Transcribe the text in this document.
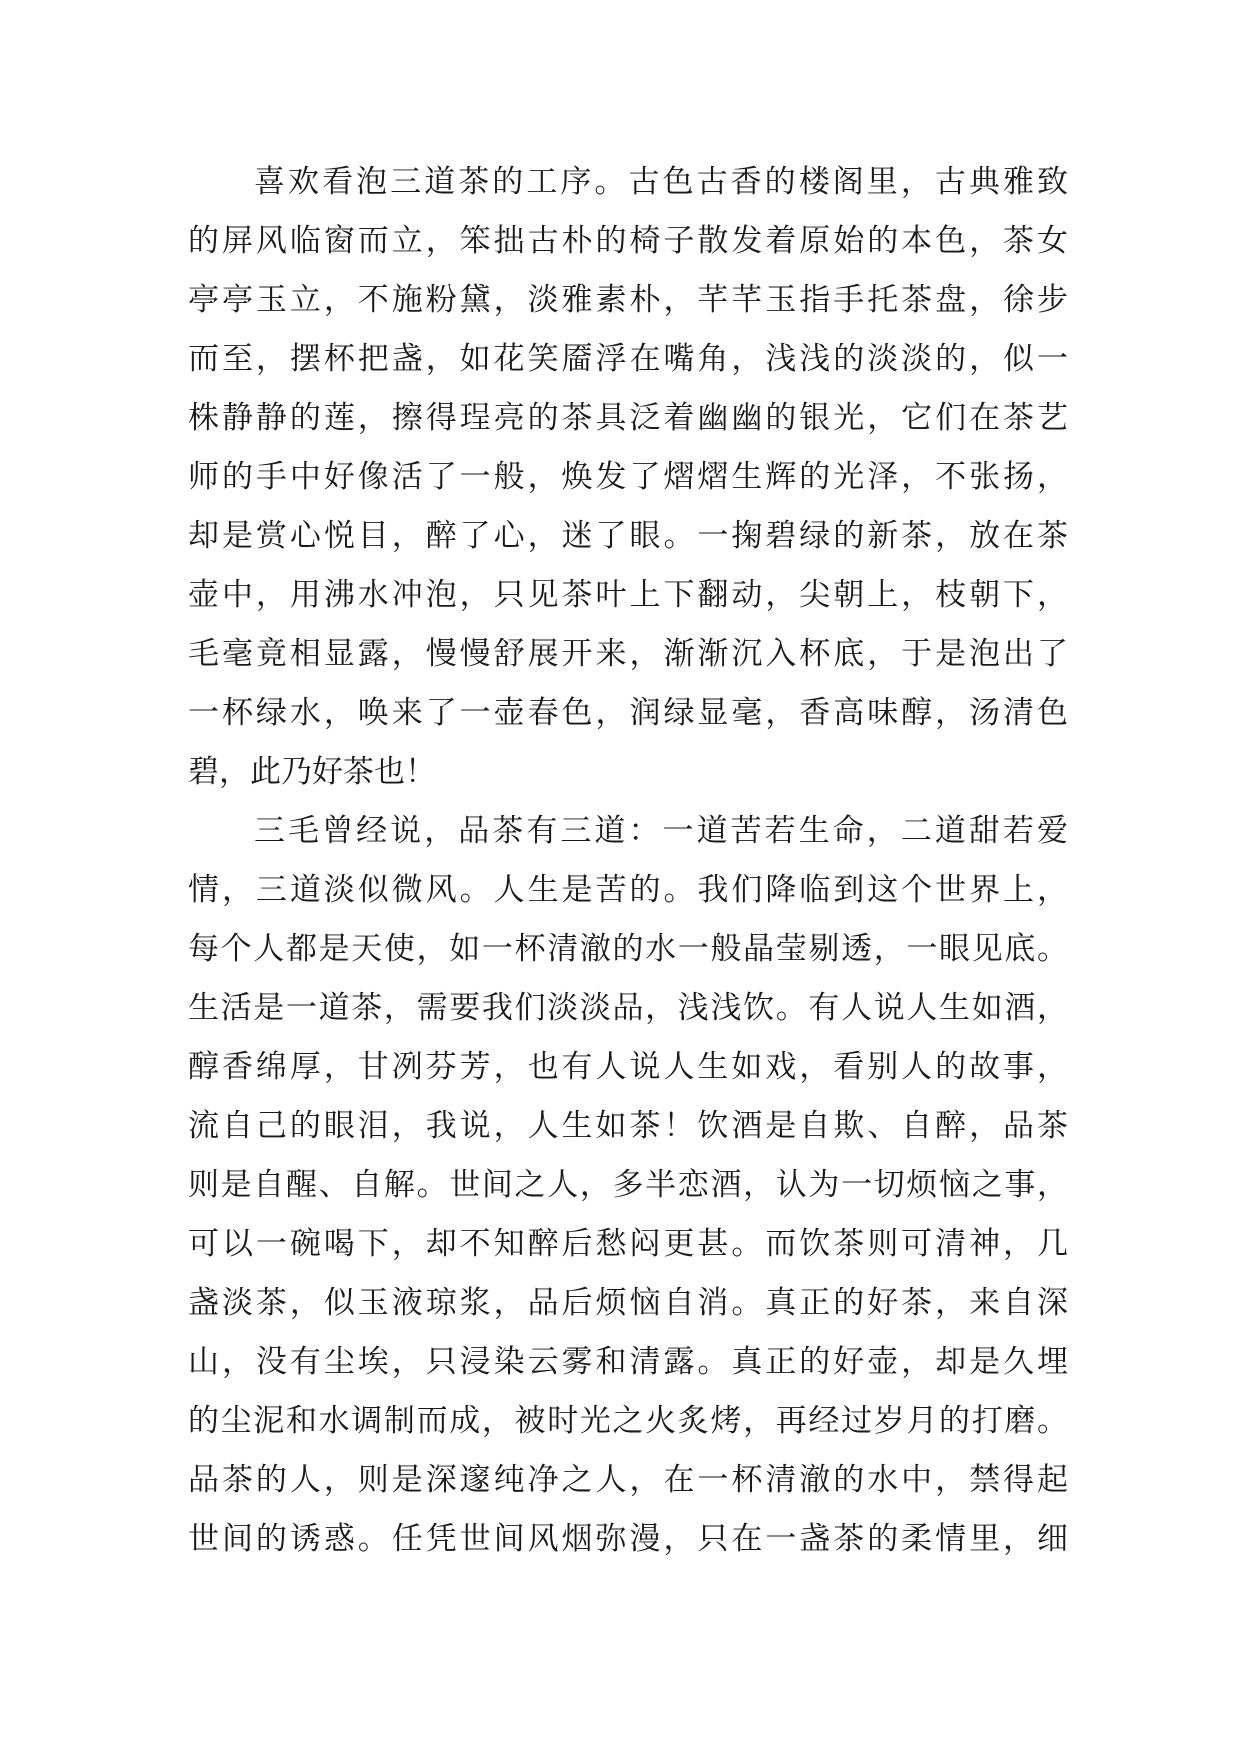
喜欢看泡三道茶的工序。古色古香的楼阁里，古典雅致
的屏风临窗而立，笨拙古朴的椅子散发着原始的本色，茶女
亭亭玉立，不施粉黛，淡雅素朴，芊芊玉指手托茶盘，徐步
而至，摆杯把盏，如花笑靥浮在嘴角，浅浅的淡淡的，似一
株静静的莲，擦得珵亮的茶具泛着幽幽的银光，它们在茶艺
师的手中好像活了一般，焕发了熠熠生辉的光泽，不张扬，
却是赏心悦目，醉了心，迷了眼。一掬碧绿的新茶，放在茶
壶中，用沸水冲泡，只见茶叶上下翻动，尖朝上，枝朝下，
毛毫竟相显露，慢慢舒展开来，渐渐沉入杯底，于是泡出了
一杯绿水，唤来了一壶春色，润绿显毫，香高味醇，汤清色
碧，此乃好茶也！
三毛曾经说，品茶有三道：一道苦若生命，二道甜若爱
情，三道淡似微风。人生是苦的。我们降临到这个世界上，
每个人都是天使，如一杯清澈的水一般晶莹剔透，一眼见底。
生活是一道茶，需要我们淡淡品，浅浅饮。有人说人生如酒，
醇香绵厚，甘冽芬芳，也有人说人生如戏，看别人的故事，
流自己的眼泪，我说，人生如茶！饮酒是自欺、自醉，品茶
则是自醒、自解。世间之人，多半恋酒，认为一切烦恼之事，
可以一碗喝下，却不知醉后愁闷更甚。而饮茶则可清神，几
盏淡茶，似玉液琼浆，品后烦恼自消。真正的好茶，来自深
山，没有尘埃，只浸染云雾和清露。真正的好壶，却是久埋
的尘泥和水调制而成，被时光之火炙烤，再经过岁月的打磨。
品茶的人，则是深邃纯净之人，在一杯清澈的水中，禁得起
世间的诱惑。任凭世间风烟弥漫，只在一盏茶的柔情里，细
